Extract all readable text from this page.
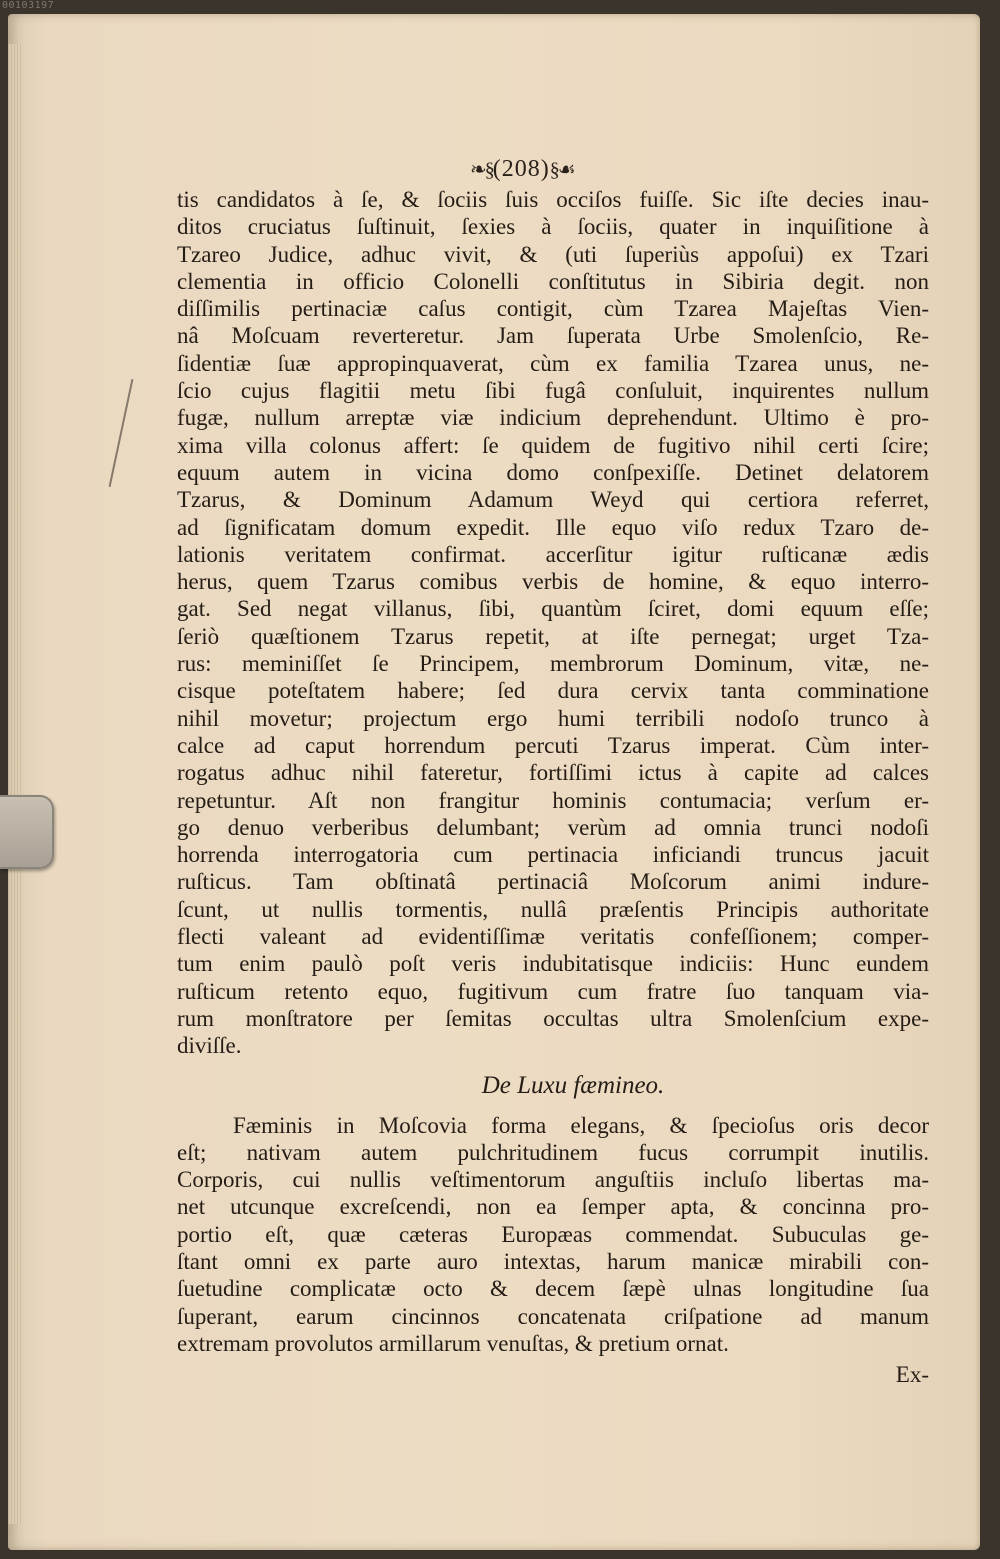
00103197
❧§(208)§☙
tis candidatos à ſe, & ſociis ſuis occiſos fuiſſe. Sic iſte decies inau-
ditos cruciatus ſuſtinuit, ſexies à ſociis, quater in inquiſitione à
Tzareo Judice, adhuc vivit, & (uti ſuperiùs appoſui) ex Tzari
clementia in officio Colonelli conſtitutus in Sibiria degit. non
diſſimilis pertinaciæ caſus contigit, cùm Tzarea Majeſtas Vien-
nâ Moſcuam reverteretur. Jam ſuperata Urbe Smolenſcio, Re-
ſidentiæ ſuæ appropinquaverat, cùm ex familia Tzarea unus, ne-
ſcio cujus flagitii metu ſibi fugâ conſuluit, inquirentes nullum
fugæ, nullum arreptæ viæ indicium deprehendunt. Ultimo è pro-
xima villa colonus affert: ſe quidem de fugitivo nihil certi ſcire;
equum autem in vicina domo conſpexiſſe. Detinet delatorem
Tzarus, & Dominum Adamum Weyd qui certiora referret,
ad ſignificatam domum expedit. Ille equo viſo redux Tzaro de-
lationis veritatem confirmat. accerſitur igitur ruſticanæ ædis
herus, quem Tzarus comibus verbis de homine, & equo interro-
gat. Sed negat villanus, ſibi, quantùm ſciret, domi equum eſſe;
ſeriò quæſtionem Tzarus repetit, at iſte pernegat; urget Tza-
rus: meminiſſet ſe Principem, membrorum Dominum, vitæ, ne-
cisque poteſtatem habere; ſed dura cervix tanta comminatione
nihil movetur; projectum ergo humi terribili nodoſo trunco à
calce ad caput horrendum percuti Tzarus imperat. Cùm inter-
rogatus adhuc nihil fateretur, fortiſſimi ictus à capite ad calces
repetuntur. Aſt non frangitur hominis contumacia; verſum er-
go denuo verberibus delumbant; verùm ad omnia trunci nodoſi
horrenda interrogatoria cum pertinacia inficiandi truncus jacuit
ruſticus. Tam obſtinatâ pertinaciâ Moſcorum animi indure-
ſcunt, ut nullis tormentis, nullâ præſentis Principis authoritate
flecti valeant ad evidentiſſimæ veritatis confeſſionem; comper-
tum enim paulò poſt veris indubitatisque indiciis: Hunc eundem
ruſticum retento equo, fugitivum cum fratre ſuo tanquam via-
rum monſtratore per ſemitas occultas ultra Smolenſcium expe-
diviſſe.
De Luxu fæmineo.
Fæminis in Moſcovia forma elegans, & ſpecioſus oris decor
eſt; nativam autem pulchritudinem fucus corrumpit inutilis.
Corporis, cui nullis veſtimentorum anguſtiis incluſo libertas ma-
net utcunque excreſcendi, non ea ſemper apta, & concinna pro-
portio eſt, quæ cæteras Europæas commendat. Subuculas ge-
ſtant omni ex parte auro intextas, harum manicæ mirabili con-
ſuetudine complicatæ octo & decem ſæpè ulnas longitudine ſua
ſuperant, earum cincinnos concatenata criſpatione ad manum
extremam provolutos armillarum venuſtas, & pretium ornat.
Ex-
